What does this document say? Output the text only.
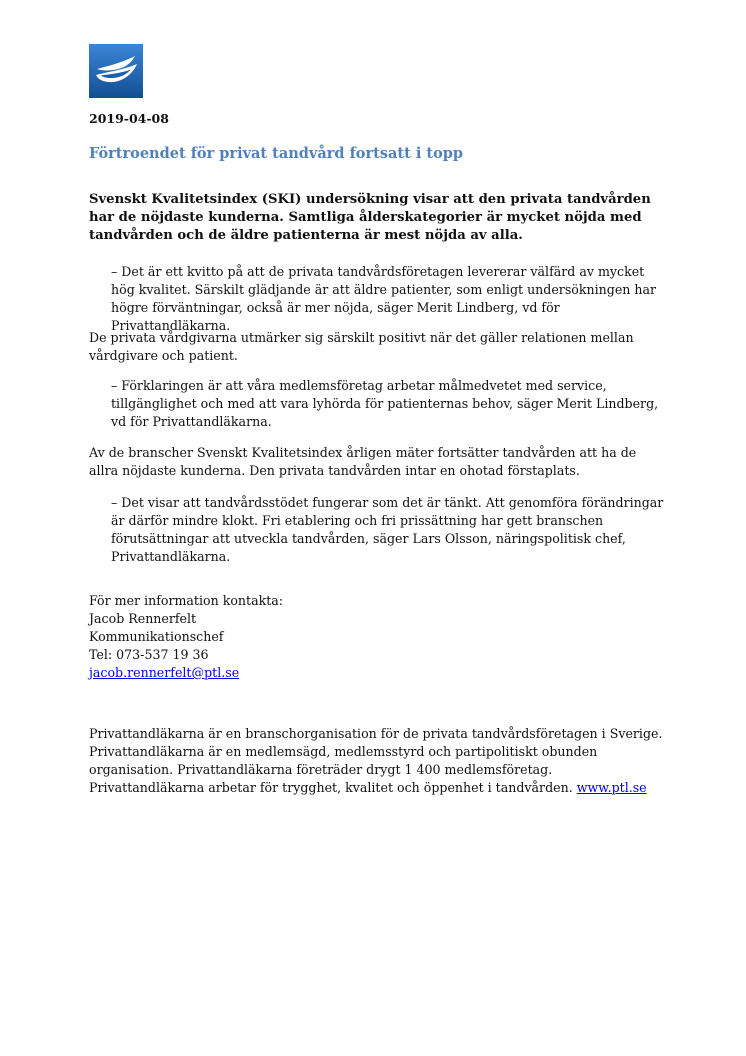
2019-04-08
Förtroendet för privat tandvård fortsatt i topp
Svenskt Kvalitetsindex (SKI) undersökning visar att den privata tandvården har de nöjdaste kunderna. Samtliga ålderskategorier är mycket nöjda med tandvården och de äldre patienterna är mest nöjda av alla.
– Det är ett kvitto på att de privata tandvårdsföretagen levererar välfärd av mycket hög kvalitet. Särskilt glädjande är att äldre patienter, som enligt undersökningen har högre förväntningar, också är mer nöjda, säger Merit Lindberg, vd för Privattandläkarna.
De privata vårdgivarna utmärker sig särskilt positivt när det gäller relationen mellan vårdgivare och patient.
– Förklaringen är att våra medlemsföretag arbetar målmedvetet med service, tillgänglighet och med att vara lyhörda för patienternas behov, säger Merit Lindberg, vd för Privattandläkarna.
Av de branscher Svenskt Kvalitetsindex årligen mäter fortsätter tandvården att ha de allra nöjdaste kunderna. Den privata tandvården intar en ohotad förstaplats.
– Det visar att tandvårdsstödet fungerar som det är tänkt. Att genomföra förändringar är därför mindre klokt. Fri etablering och fri prissättning har gett branschen förutsättningar att utveckla tandvården, säger Lars Olsson, näringspolitisk chef, Privattandläkarna.
För mer information kontakta:
Jacob Rennerfelt
Kommunikationschef
Tel: 073-537 19 36
jacob.rennerfelt@ptl.se
Privattandläkarna är en branschorganisation för de privata tandvårdsföretagen i Sverige. Privattandläkarna är en medlemsägd, medlemsstyrd och partipolitiskt obunden organisation. Privattandläkarna företräder drygt 1 400 medlemsföretag. Privattandläkarna arbetar för trygghet, kvalitet och öppenhet i tandvården. www.ptl.se
